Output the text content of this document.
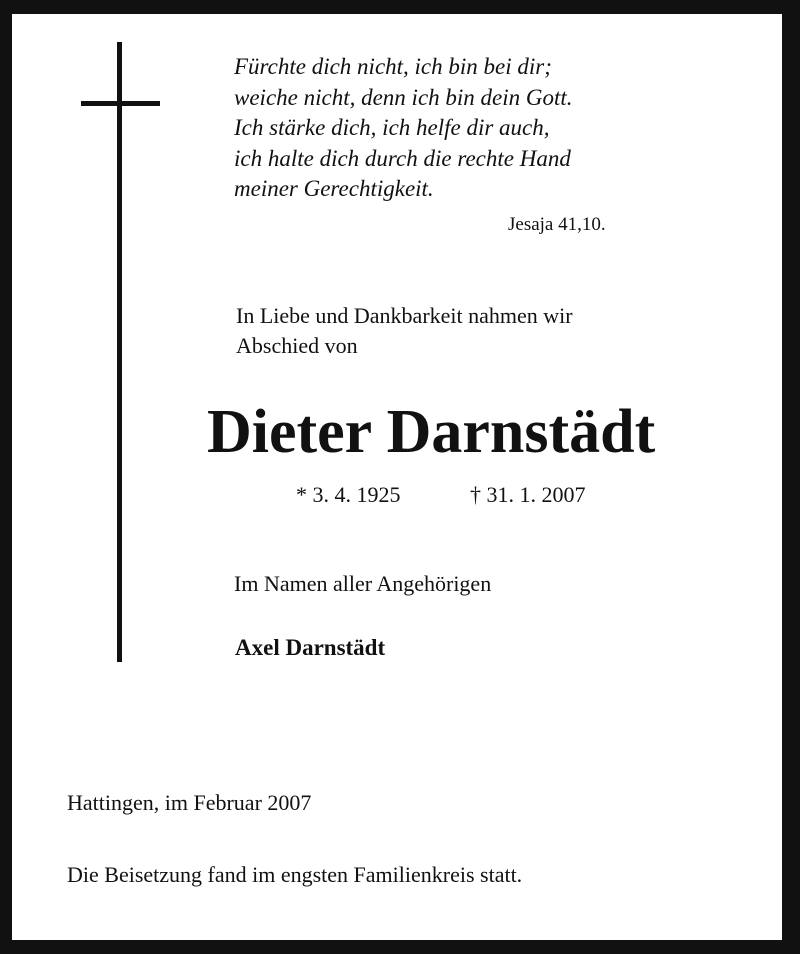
Fürchte dich nicht, ich bin bei dir;
weiche nicht, denn ich bin dein Gott.
Ich stärke dich, ich helfe dir auch,
ich halte dich durch die rechte Hand
meiner Gerechtigkeit.
Jesaja 41,10.
In Liebe und Dankbarkeit nahmen wir
Abschied von
Dieter Darnstädt
* 3. 4. 1925	† 31. 1. 2007
Im Namen aller Angehörigen
Axel Darnstädt
Hattingen, im Februar 2007
Die Beisetzung fand im engsten Familienkreis statt.
